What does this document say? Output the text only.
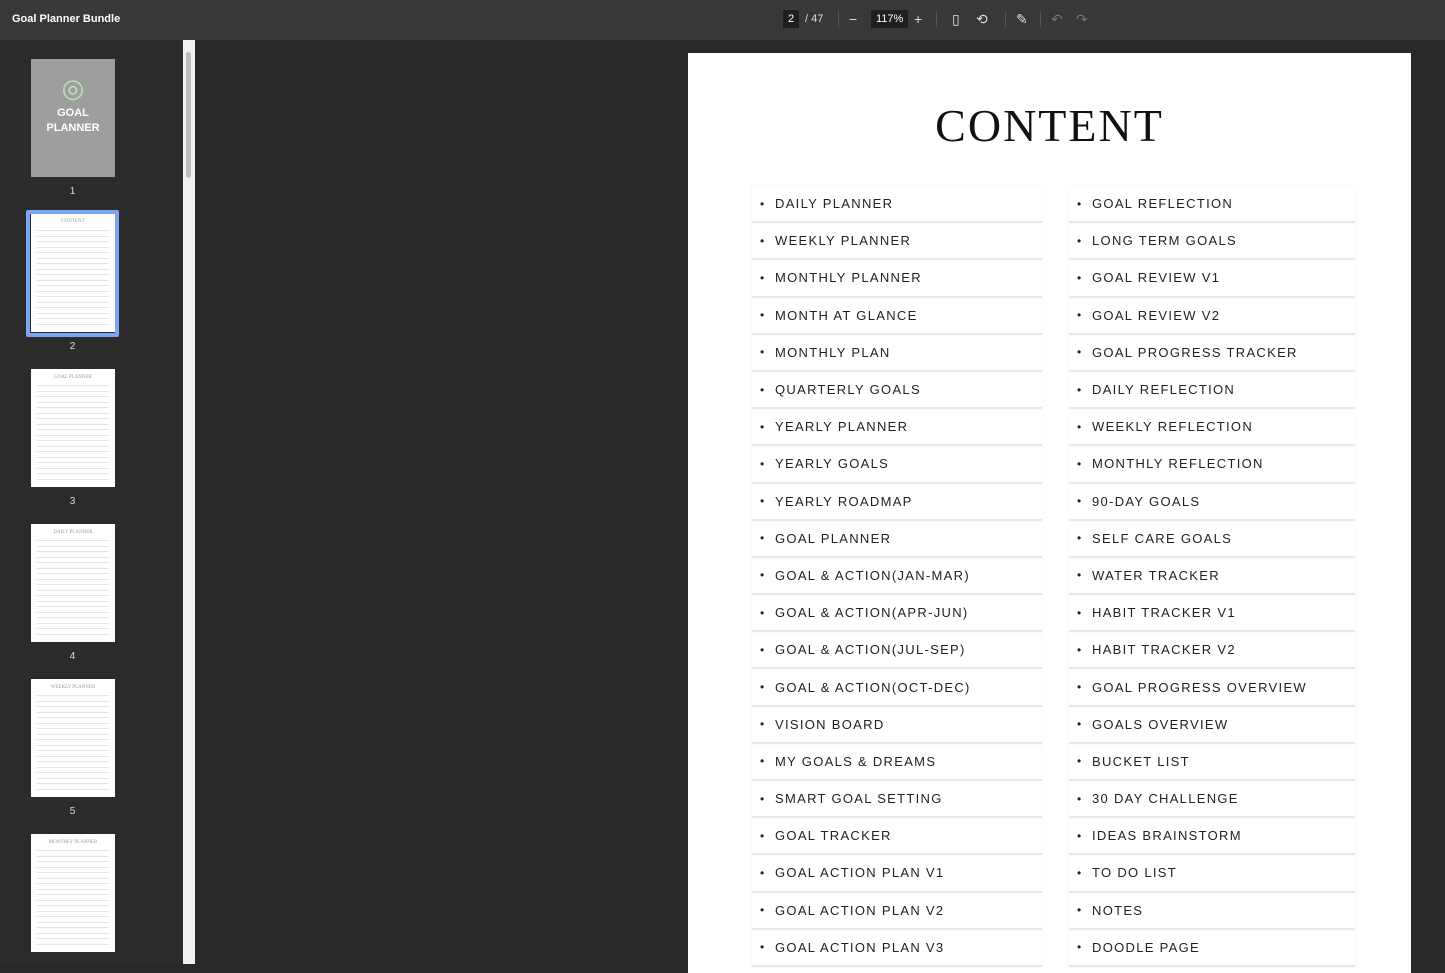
Goal Planner Bundle	2 / 47 −	117% + ▯ ⟲ ✎ ↶ ↷
◎
GOAL PLANNER
1
CONTENT
2
GOAL PLANNER
3
DAILY PLANNER
4
WEEKLY PLANNER
5
MONTHLY PLANNER
CONTENT
• DAILY PLANNER
• WEEKLY PLANNER
• MONTHLY PLANNER
• MONTH AT GLANCE
• MONTHLY PLAN
• QUARTERLY GOALS
• YEARLY PLANNER
• YEARLY GOALS
• YEARLY ROADMAP
• GOAL PLANNER
• GOAL & ACTION(JAN-MAR)
• GOAL & ACTION(APR-JUN)
• GOAL & ACTION(JUL-SEP)
• GOAL & ACTION(OCT-DEC)
• VISION BOARD
• MY GOALS & DREAMS
• SMART GOAL SETTING
• GOAL TRACKER
• GOAL ACTION PLAN V1
• GOAL ACTION PLAN V2
• GOAL ACTION PLAN V3
• GOAL REFLECTION
• LONG TERM GOALS
• GOAL REVIEW V1
• GOAL REVIEW V2
• GOAL PROGRESS TRACKER
• DAILY REFLECTION
• WEEKLY REFLECTION
• MONTHLY REFLECTION
• 90-DAY GOALS
• SELF CARE GOALS
• WATER TRACKER
• HABIT TRACKER V1
• HABIT TRACKER V2
• GOAL PROGRESS OVERVIEW
• GOALS OVERVIEW
• BUCKET LIST
• 30 DAY CHALLENGE
• IDEAS BRAINSTORM
• TO DO LIST
• NOTES
• DOODLE PAGE
